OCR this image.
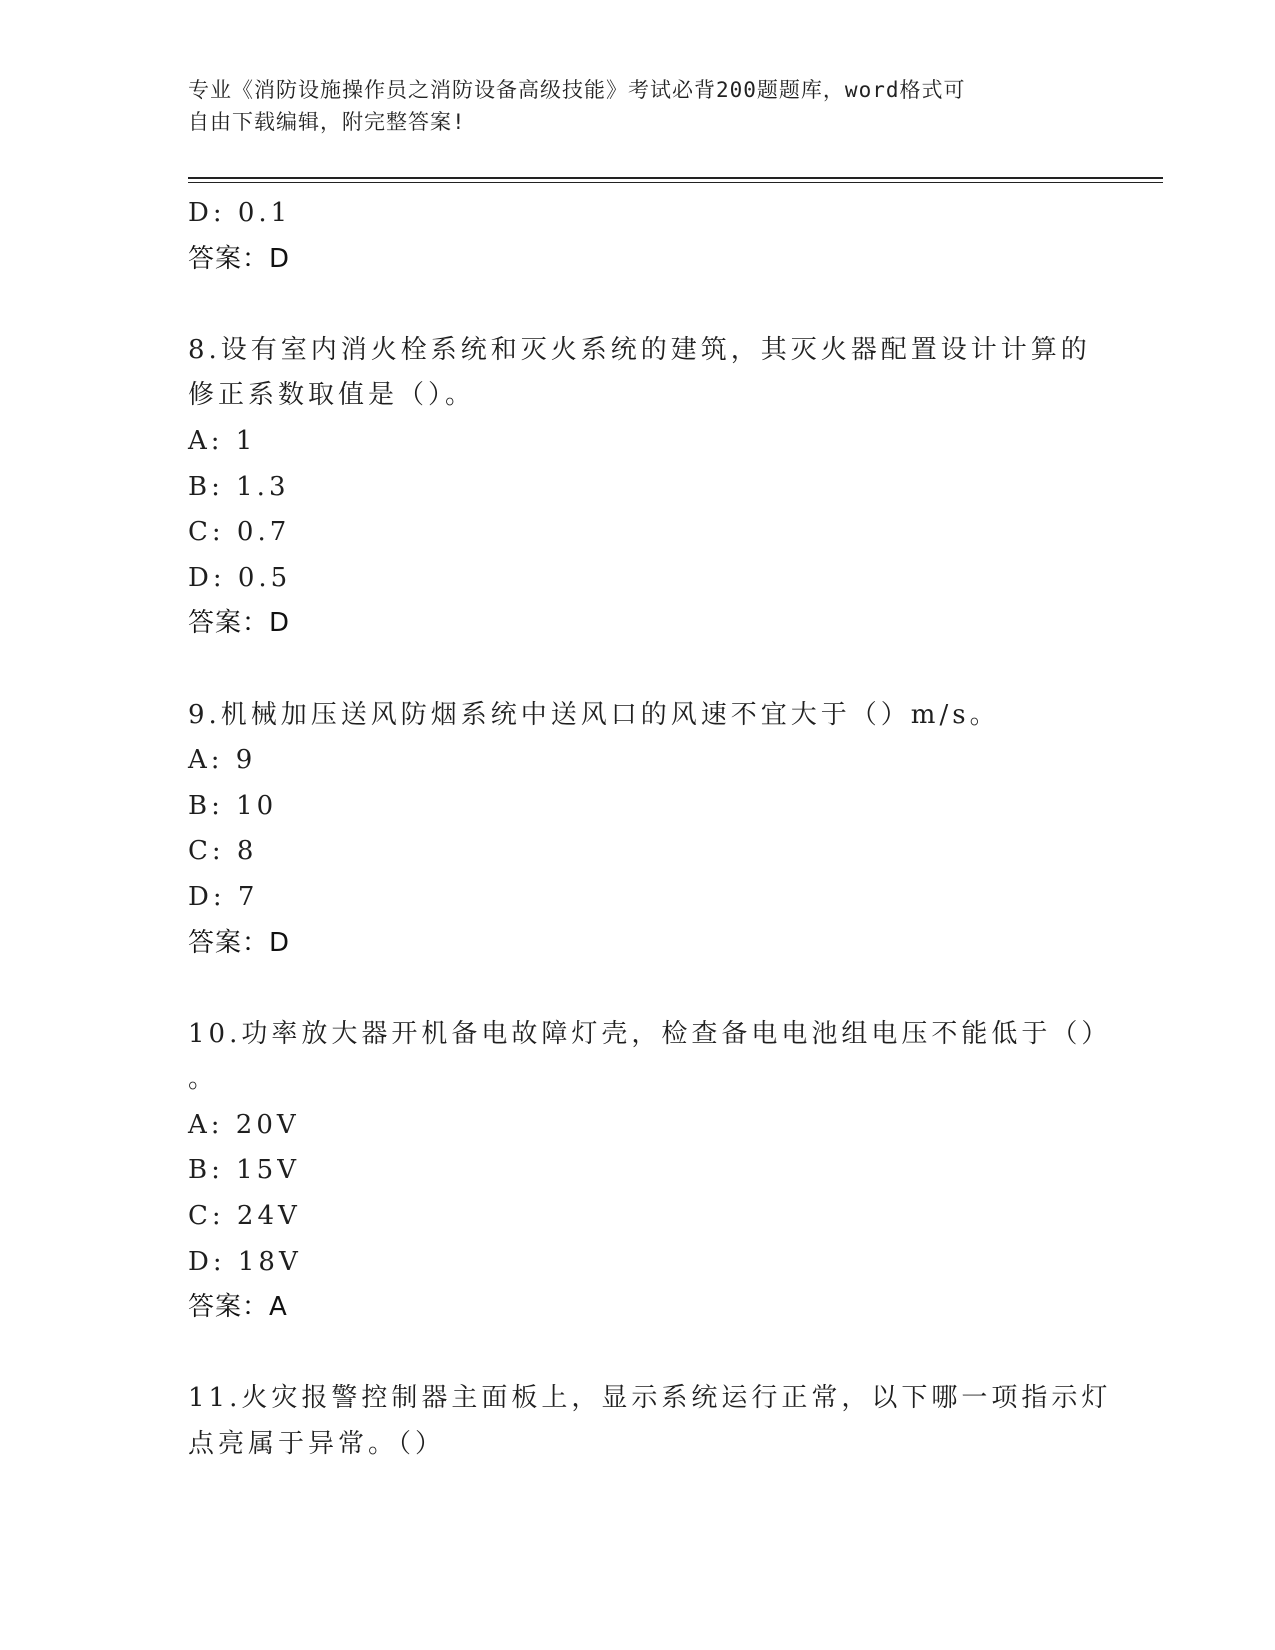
专业《消防设施操作员之消防设备高级技能》考试必背200题题库，word格式可
自由下载编辑，附完整答案!
D: 0.1
答案：D
8.设有室内消火栓系统和灭火系统的建筑，其灭火器配置设计计算的
修正系数取值是（）。
A: 1
B: 1.3
C: 0.7
D: 0.5
答案：D
9.机械加压送风防烟系统中送风口的风速不宜大于（）m/s。
A: 9
B: 10
C: 8
D: 7
答案：D
10.功率放大器开机备电故障灯壳，检查备电电池组电压不能低于（）
。
A: 20V
B: 15V
C: 24V
D: 18V
答案：A
11.火灾报警控制器主面板上，显示系统运行正常，以下哪一项指示灯
点亮属于异常。（）
